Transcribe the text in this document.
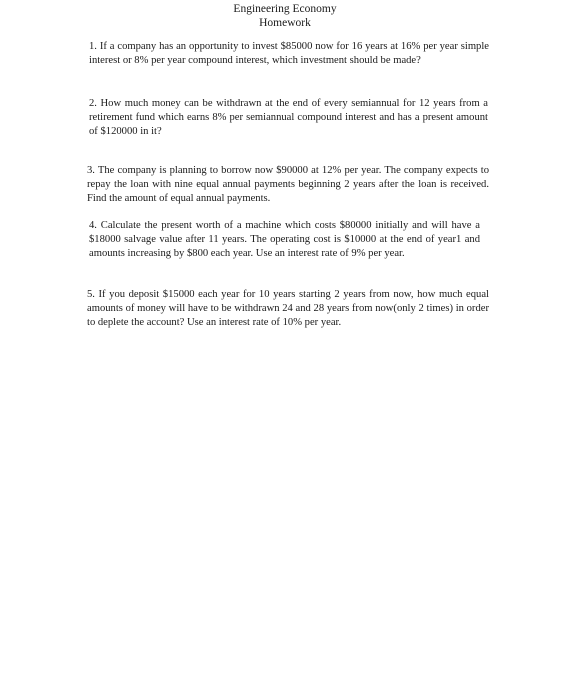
Engineering Economy
Homework

1. If a company has an opportunity to invest $85000 now for 16 years at 16% per year simple interest or 8% per year compound interest, which investment should be made?

2. How much money can be withdrawn at the end of every semiannual for 12 years from a retirement fund which earns 8% per semiannual compound interest and has a present amount of $120000 in it?

3. The company is planning to borrow now $90000 at 12% per year. The company expects to repay the loan with nine equal annual payments beginning 2 years after the loan is received. Find the amount of equal annual payments.

4. Calculate the present worth of a machine which costs $80000 initially and will have a $18000 salvage value after 11 years. The operating cost is $10000 at the end of year1 and amounts increasing by $800 each year. Use an interest rate of 9% per year.

5. If you deposit $15000 each year for 10 years starting 2 years from now, how much equal amounts of money will have to be withdrawn 24 and 28 years from now(only 2 times) in order to deplete the account? Use an interest rate of 10% per year.
